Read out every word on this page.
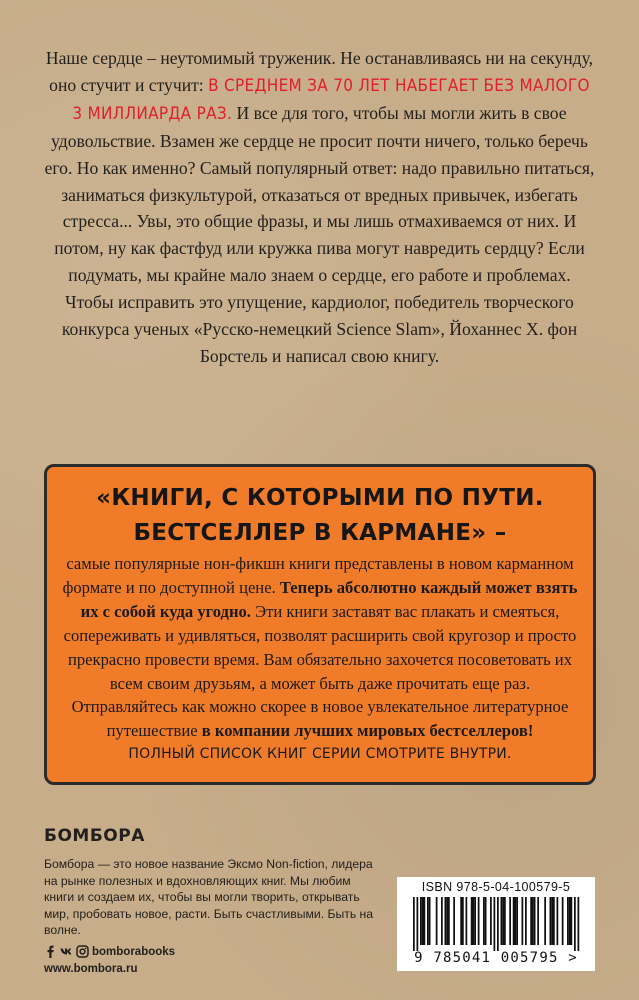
Наше сердце – неутомимый труженик. Не останавливаясь ни на секунду, оно стучит и стучит: В СРЕДНЕМ ЗА 70 ЛЕТ НАБЕГАЕТ БЕЗ МАЛОГО 3 МИЛЛИАРДА РАЗ. И все для того, чтобы мы могли жить в свое удовольствие. Взамен же сердце не просит почти ничего, только беречь его. Но как именно? Самый популярный ответ: надо правильно питаться, заниматься физкультурой, отказаться от вредных привычек, избегать стресса... Увы, это общие фразы, и мы лишь отмахиваемся от них. И потом, ну как фастфуд или кружка пива могут навредить сердцу? Если подумать, мы крайне мало знаем о сердце, его работе и проблемах. Чтобы исправить это упущение, кардиолог, победитель творческого конкурса ученых «Русско-немецкий Science Slam», Йоханнес Х. фон Борстель и написал свою книгу.

«КНИГИ, С КОТОРЫМИ ПО ПУТИ.
БЕСТСЕЛЛЕР В КАРМАНЕ» –

самые популярные нон-фикшн книги представлены в новом карманном формате и по доступной цене. Теперь абсолютно каждый может взять их с собой куда угодно. Эти книги заставят вас плакать и смеяться, сопереживать и удивляться, позволят расширить свой кругозор и просто прекрасно провести время. Вам обязательно захочется посоветовать их всем своим друзьям, а может быть даже прочитать еще раз. Отправляйтесь как можно скорее в новое увлекательное литературное путешествие в компании лучших мировых бестселлеров!

ПОЛНЫЙ СПИСОК КНИГ СЕРИИ СМОТРИТЕ ВНУТРИ.

БОМБОРА

Бомбора — это новое название Эксмо Non-fiction, лидера на рынке полезных и вдохновляющих книг. Мы любим книги и создаем их, чтобы вы могли творить, открывать мир, пробовать новое, расти. Быть счастливыми. Быть на волне.

bomborabooks
www.bombora.ru
ISBN 978-5-04-100579-5
9 785041 005795 >
